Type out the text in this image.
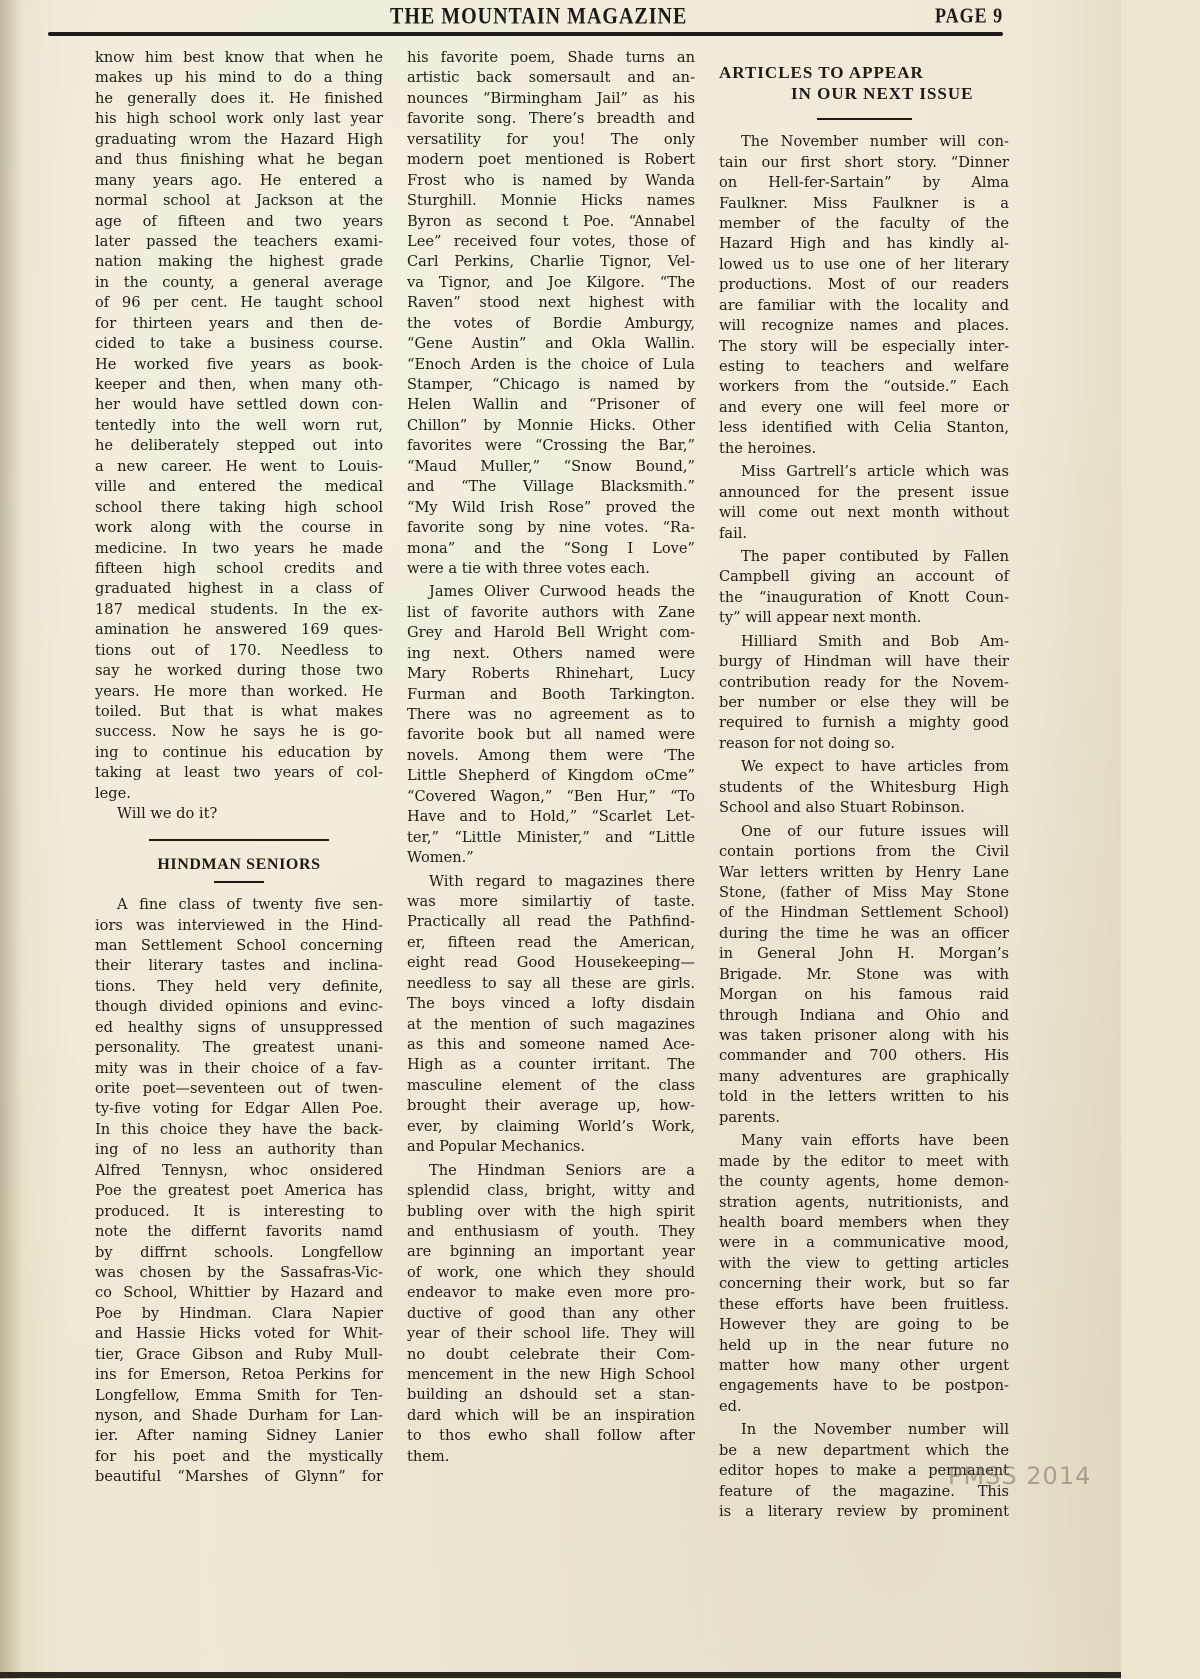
THE MOUNTAIN MAGAZINE	PAGE 9
know him best know that when he
makes up his mind to do a thing
he generally does it. He finished
his high school work only last year
graduating wrom the Hazard High
and thus finishing what he began
many years ago. He entered a
normal school at Jackson at the
age of fifteen and two years
later passed the teachers exami-
nation making the highest grade
in the county, a general average
of 96 per cent. He taught school
for thirteen years and then de-
cided to take a business course.
He worked five years as book-
keeper and then, when many oth-
her would have settled down con-
tentedly into the well worn rut,
he deliberately stepped out into
a new career. He went to Louis-
ville and entered the medical
school there taking high school
work along with the course in
medicine. In two years he made
fifteen high school credits and
graduated highest in a class of
187 medical students. In the ex-
amination he answered 169 ques-
tions out of 170. Needless to
say he worked during those two
years. He more than worked. He
toiled. But that is what makes
success. Now he says he is go-
ing to continue his education by
taking at least two years of col-
lege.
Will we do it?
HINDMAN SENIORS
A fine class of twenty five sen-
iors was interviewed in the Hind-
man Settlement School concerning
their literary tastes and inclina-
tions. They held very definite,
though divided opinions and evinc-
ed healthy signs of unsuppressed
personality. The greatest unani-
mity was in their choice of a fav-
orite poet—seventeen out of twen-
ty-five voting for Edgar Allen Poe.
In this choice they have the back-
ing of no less an authority than
Alfred Tennysn, whoc onsidered
Poe the greatest poet America has
produced. It is interesting to
note the differnt favorits namd
by diffrnt schools. Longfellow
was chosen by the Sassafras-Vic-
co School, Whittier by Hazard and
Poe by Hindman. Clara Napier
and Hassie Hicks voted for Whit-
tier, Grace Gibson and Ruby Mull-
ins for Emerson, Retoa Perkins for
Longfellow, Emma Smith for Ten-
nyson, and Shade Durham for Lan-
ier. After naming Sidney Lanier
for his poet and the mystically
beautiful “Marshes of Glynn” for
his favorite poem, Shade turns an
artistic back somersault and an-
nounces “Birmingham Jail” as his
favorite song. There’s breadth and
versatility for you! The only
modern poet mentioned is Robert
Frost who is named by Wanda
Sturghill. Monnie Hicks names
Byron as second t Poe. “Annabel
Lee” received four votes, those of
Carl Perkins, Charlie Tignor, Vel-
va Tignor, and Joe Kilgore. “The
Raven” stood next highest with
the votes of Bordie Amburgy,
“Gene Austin” and Okla Wallin.
“Enoch Arden is the choice of Lula
Stamper, “Chicago is named by
Helen Wallin and “Prisoner of
Chillon” by Monnie Hicks. Other
favorites were “Crossing the Bar,”
“Maud Muller,” “Snow Bound,”
and “The Village Blacksmith.”
“My Wild Irish Rose” proved the
favorite song by nine votes. “Ra-
mona” and the “Song I Love”
were a tie with three votes each.
James Oliver Curwood heads the
list of favorite authors with Zane
Grey and Harold Bell Wright com-
ing next. Others named were
Mary Roberts Rhinehart, Lucy
Furman and Booth Tarkington.
There was no agreement as to
favorite book but all named were
novels. Among them were ‘The
Little Shepherd of Kingdom oCme”
“Covered Wagon,” “Ben Hur,” “To
Have and to Hold,” “Scarlet Let-
ter,” “Little Minister,” and “Little
Women.”
With regard to magazines there
was more similartiy of taste.
Practically all read the Pathfind-
er, fifteen read the American,
eight read Good Housekeeping—
needless to say all these are girls.
The boys vinced a lofty disdain
at the mention of such magazines
as this and someone named Ace-
High as a counter irritant. The
masculine element of the class
brought their average up, how-
ever, by claiming World’s Work,
and Popular Mechanics.
The Hindman Seniors are a
splendid class, bright, witty and
bubling over with the high spirit
and enthusiasm of youth. They
are bginning an important year
of work, one which they should
endeavor to make even more pro-
ductive of good than any other
year of their school life. They will
no doubt celebrate their Com-
mencement in the new High School
building an dshould set a stan-
dard which will be an inspiration
to thos ewho shall follow after
them.
ARTICLES TO APPEAR
IN OUR NEXT ISSUE
The November number will con-
tain our first short story. “Dinner
on Hell-fer-Sartain” by Alma
Faulkner. Miss Faulkner is a
member of the faculty of the
Hazard High and has kindly al-
lowed us to use one of her literary
productions. Most of our readers
are familiar with the locality and
will recognize names and places.
The story will be especially inter-
esting to teachers and welfare
workers from the “outside.” Each
and every one will feel more or
less identified with Celia Stanton,
the heroines.
Miss Gartrell’s article which was
announced for the present issue
will come out next month without
fail.
The paper contibuted by Fallen
Campbell giving an account of
the “inauguration of Knott Coun-
ty” will appear next month.
Hilliard Smith and Bob Am-
burgy of Hindman will have their
contribution ready for the Novem-
ber number or else they will be
required to furnish a mighty good
reason for not doing so.
We expect to have articles from
students of the Whitesburg High
School and also Stuart Robinson.
One of our future issues will
contain portions from the Civil
War letters written by Henry Lane
Stone, (father of Miss May Stone
of the Hindman Settlement School)
during the time he was an officer
in General John H. Morgan’s
Brigade. Mr. Stone was with
Morgan on his famous raid
through Indiana and Ohio and
was taken prisoner along with his
commander and 700 others. His
many adventures are graphically
told in the letters written to his
parents.
Many vain efforts have been
made by the editor to meet with
the county agents, home demon-
stration agents, nutritionists, and
health board members when they
were in a communicative mood,
with the view to getting articles
concerning their work, but so far
these efforts have been fruitless.
However they are going to be
held up in the near future no
matter how many other urgent
engagements have to be postpon-
ed.
In the November number will
be a new department which the
editor hopes to make a permanent
feature of the magazine. This
is a literary review by prominent
PMSS 2014
